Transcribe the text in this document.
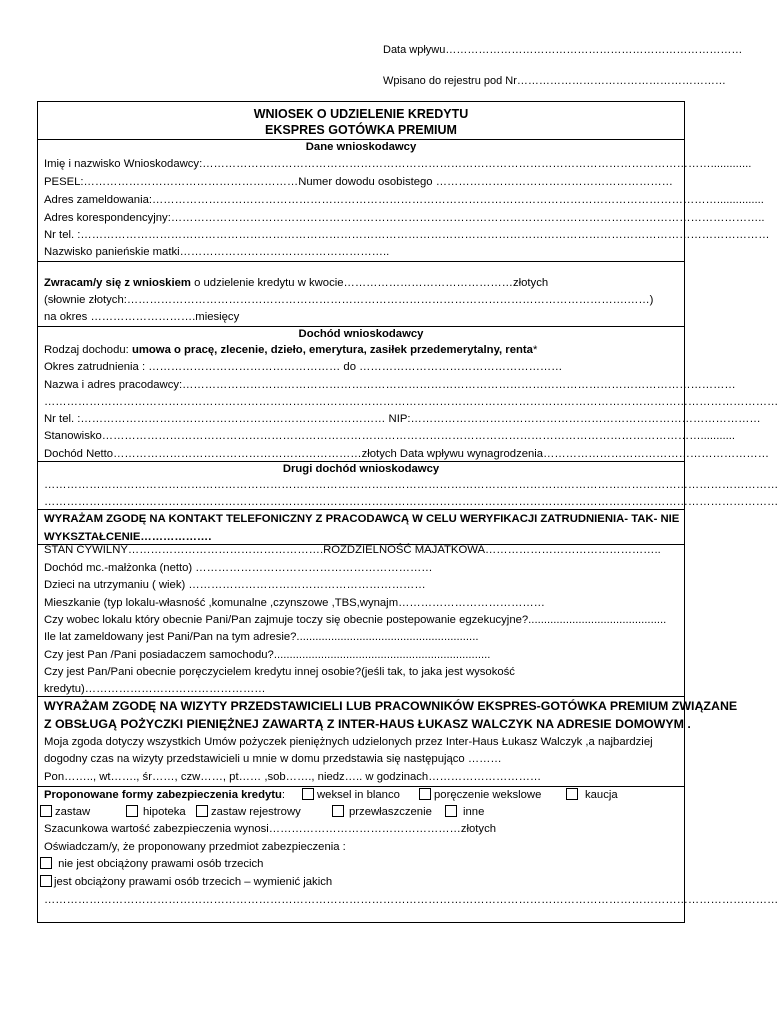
Data wpływu………………………………………………………………………
Wpisano do rejestru pod Nr…………………………………………………
WNIOSEK O UDZIELENIE KREDYTU
EKSPRES GOTÓWKA PREMIUM
Dane wnioskodawcy
Imię i nazwisko Wnioskodawcy:……………………………………………………………………………………………………………………….............
PESEL:…………………………………………………Numer dowodu osobistego ………………………………………………………
Adres zameldowania:……………………………………………………………………………………………………………………………………...............
Adres korespondencyjny:…………………………………………………………………………………………………………………………………………..
Nr tel. :…………………………………………………………………………………………………………………………………………………………………
Nazwisko panieńskie matki………………………………………………..
Zwracam/y się z wnioskiem o udzielenie kredytu w kwocie………………………………………złotych
(słownie złotych:…………………………………………………………………………………………………………………….……)
na okres ……………………….miesięcy
Dochód wnioskodawcy
Rodzaj dochodu: umowa o pracę, zlecenie, dzieło, emerytura, zasiłek przedemerytalny, renta*
Okres zatrudnienia : …………………………………………… do ………………………………………………
Nazwa i adres pracodawcy:…………………………………………………………………………………………………………………………………
……………………………………………………………………………………………………………………………………………………………………………
Nr tel. :……………………………………………………………………… NIP:…………………………………………………………………………………
Stanowisko……………………………………………………………………………………………………………………………………………...........
Dochód Netto…………………………………………………………złotych Data wpływu wynagrodzenia……………………………………………………
Drugi dochód wnioskodawcy
……………………………………………………………………………………………………………………………………………………………………………
……………………………………………………………………………………………………………………………………………………………………………
WYRAŻAM ZGODĘ NA KONTAKT TELEFONICZNY Z PRACODAWCĄ W CELU WERYFIKACJI ZATRUDNIENIA- TAK- NIE
WYKSZTAŁCENIE……………….
STAN CYWILNY…………………………………………….ROZDZIELNOŚĆ MAJATKOWA………………………………………..
Dochód mc.-małżonka (netto) ………………………………………………………
Dzieci na utrzymaniu ( wiek) ………………………………………………………
Mieszkanie (typ lokalu-własność ,komunalne ,czynszowe ,TBS,wynajm…………………………………
Czy wobec lokalu który obecnie Pani/Pan zajmuje toczy się obecnie postepowanie egzekucyjne?............................................
Ile lat zameldowany jest Pani/Pan na tym adresie?..........................................................
Czy jest Pan /Pani posiadaczem samochodu?.....................................................................
Czy jest Pan/Pani obecnie poręczycielem kredytu innej osobie?(jeśli tak, to jaka jest wysokość
kredytu)…………………………………………
WYRAŻAM ZGODĘ NA WIZYTY PRZEDSTAWICIELI LUB PRACOWNIKÓW EKSPRES-GOTÓWKA PREMIUM ZWIĄZANE
Z OBSŁUGĄ POŻYCZKI PIENIĘŻNEJ ZAWARTĄ Z INTER-HAUS ŁUKASZ WALCZYK NA ADRESIE DOMOWYM .
Moja zgoda dotyczy wszystkich Umów pożyczek pieniężnych udzielonych przez Inter-Haus Łukasz Walczyk ,a najbardziej
dogodny czas na wizyty przedstawicieli u mnie w domu przedstawia się następująco ………
Pon…….., wt……., śr……, czw……, pt…… ,sob……., niedz….. w godzinach…………………………
Proponowane formy zabezpieczenia kredytu:	weksel in blanco	poręczenie wekslowe	kaucja
zastaw	hipoteka	zastaw rejestrowy	przewłaszczenie	inne
Szacunkowa wartość zabezpieczenia wynosi……………………………………………złotych
Oświadczam/y, że proponowany przedmiot zabezpieczenia :
nie jest obciążony prawami osób trzecich
jest obciążony prawami osób trzecich – wymienić jakich
……………………………………………………………………………………………………………………………………………………………………………
